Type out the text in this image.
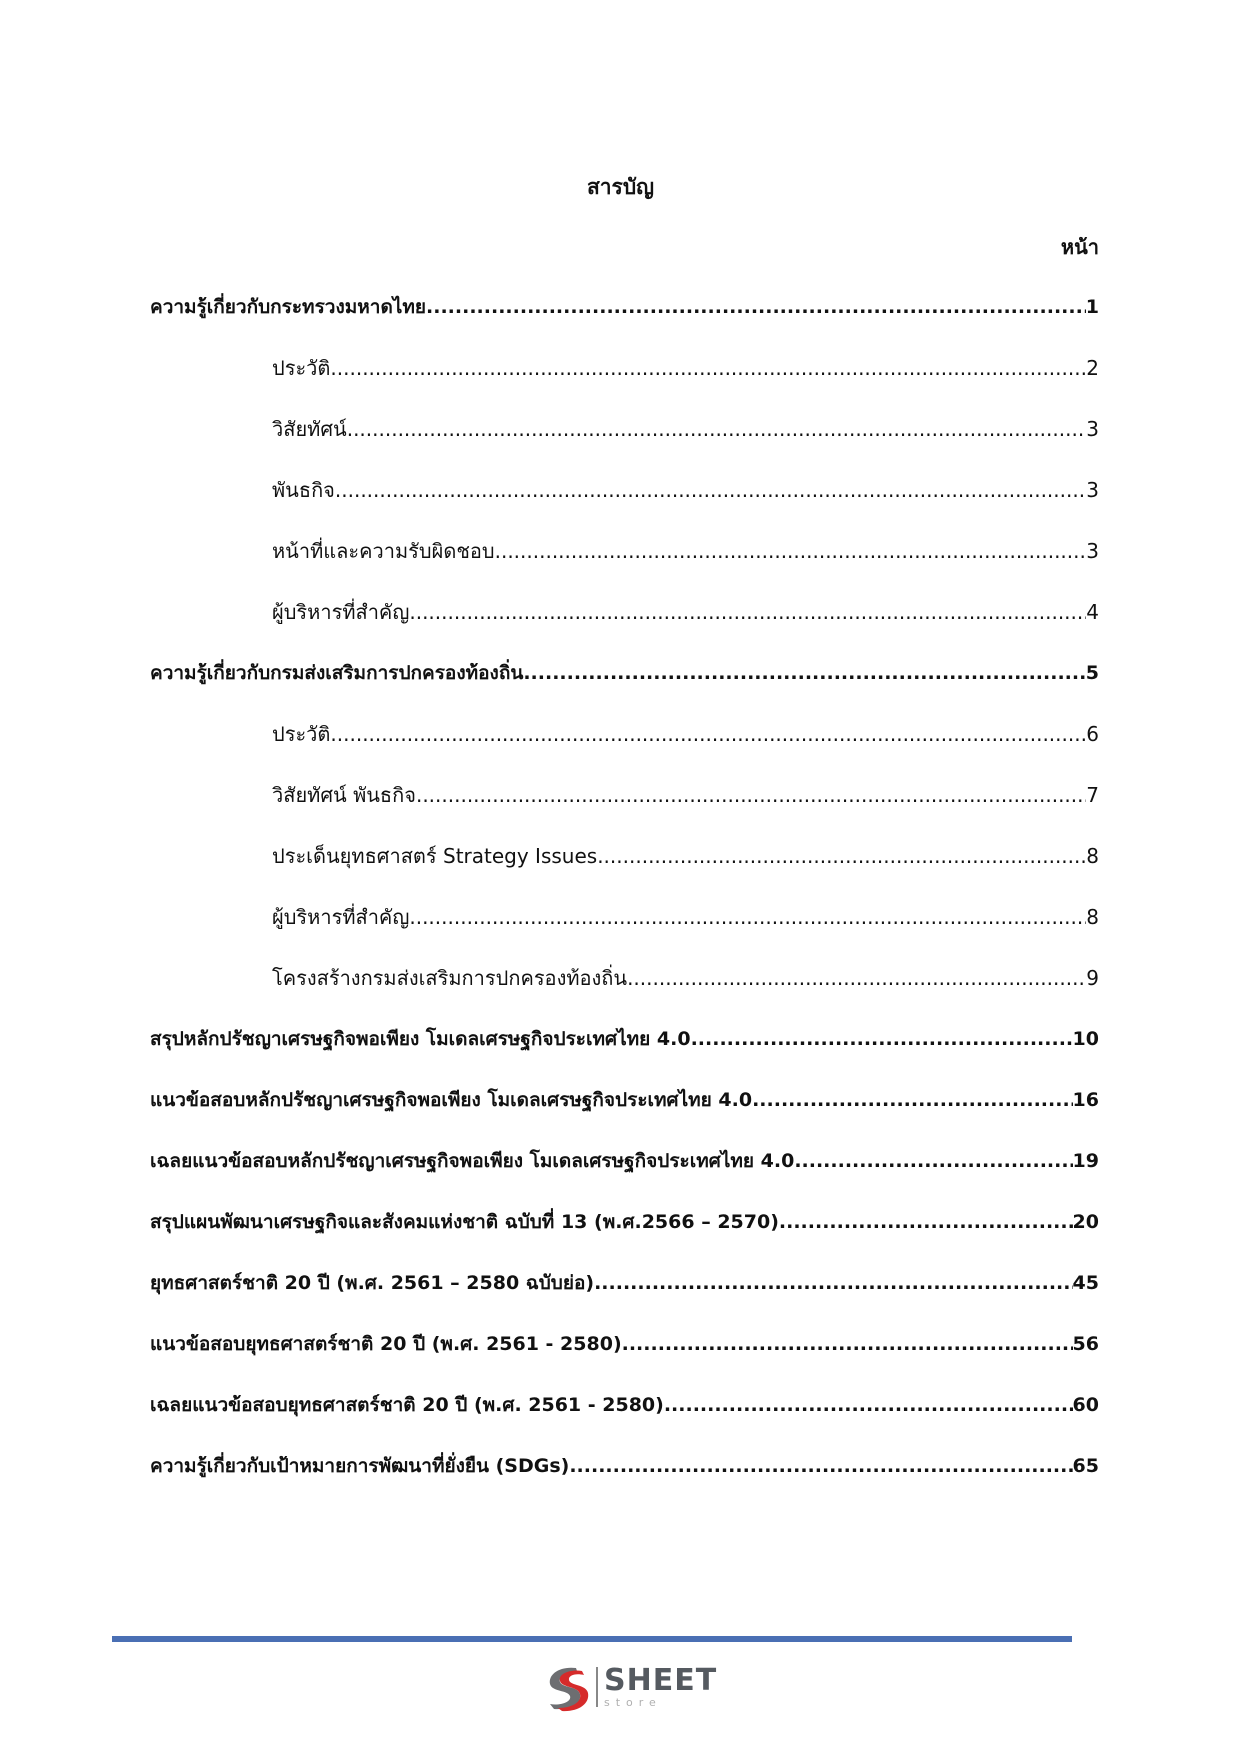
สารบัญ
หน้า
ความรู้เกี่ยวกับกระทรวงมหาดไทย .....	1
ประวัติ .....	2
วิสัยทัศน์ .....	3
พันธกิจ .....	3
หน้าที่และความรับผิดชอบ .....	3
ผู้บริหารที่สำคัญ .....	4
ความรู้เกี่ยวกับกรมส่งเสริมการปกครองท้องถิ่น .....	5
ประวัติ .....	6
วิสัยทัศน์ พันธกิจ .....	7
ประเด็นยุทธศาสตร์ Strategy Issues .....	8
ผู้บริหารที่สำคัญ .....	8
โครงสร้างกรมส่งเสริมการปกครองท้องถิ่น .....	9
สรุปหลักปรัชญาเศรษฐกิจพอเพียง โมเดลเศรษฐกิจประเทศไทย 4.0 .....	10
แนวข้อสอบหลักปรัชญาเศรษฐกิจพอเพียง โมเดลเศรษฐกิจประเทศไทย 4.0 .....	16
เฉลยแนวข้อสอบหลักปรัชญาเศรษฐกิจพอเพียง โมเดลเศรษฐกิจประเทศไทย 4.0 .....	19
สรุปแผนพัฒนาเศรษฐกิจและสังคมแห่งชาติ ฉบับที่ 13 (พ.ศ.2566 – 2570) .....	20
ยุทธศาสตร์ชาติ 20 ปี (พ.ศ. 2561 – 2580 ฉบับย่อ) .....	45
แนวข้อสอบยุทธศาสตร์ชาติ 20 ปี (พ.ศ. 2561 - 2580) .....	56
เฉลยแนวข้อสอบยุทธศาสตร์ชาติ 20 ปี (พ.ศ. 2561 - 2580) .....	60
ความรู้เกี่ยวกับเป้าหมายการพัฒนาที่ยั่งยืน (SDGs) .....	65
SHEET
store
